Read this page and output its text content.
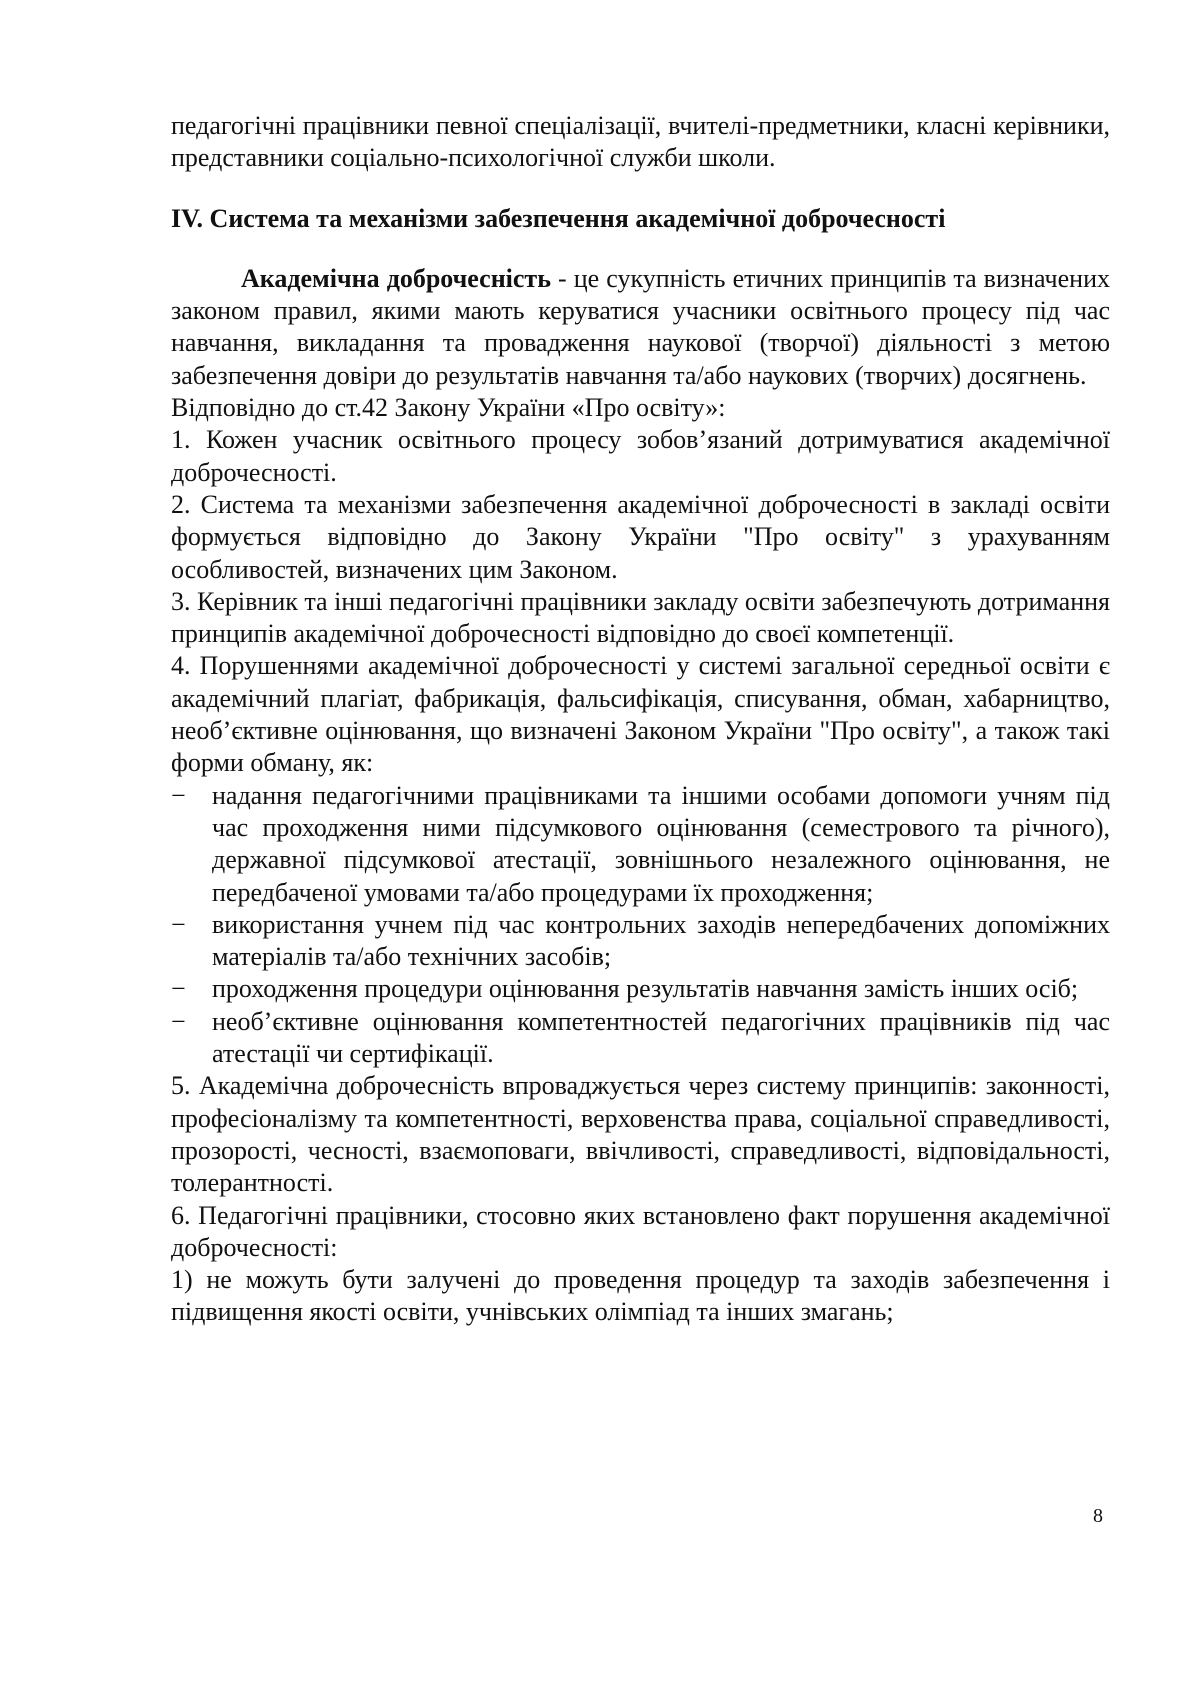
педагогічні працівники певної спеціалізації, вчителі-предметники, класні керівники, представники соціально-психологічної служби школи.

IV. Система та механізми забезпечення академічної доброчесності

Академічна доброчесність - це сукупність етичних принципів та визначених законом правил, якими мають керуватися учасники освітнього процесу під час навчання, викладання та провадження наукової (творчої) діяльності з метою забезпечення довіри до результатів навчання та/або наукових (творчих) досягнень.

Відповідно до ст.42 Закону України «Про освіту»:

1. Кожен учасник освітнього процесу зобов’язаний дотримуватися академічної доброчесності.

2. Система та механізми забезпечення академічної доброчесності в закладі освіти формується відповідно до Закону України "Про освіту" з урахуванням особливостей, визначених цим Законом.

3. Керівник та інші педагогічні працівники закладу освіти забезпечують дотримання принципів академічної доброчесності відповідно до своєї компетенції.

4. Порушеннями академічної доброчесності у системі загальної середньої освіти є академічний плагіат, фабрикація, фальсифікація, списування, обман, хабарництво, необ’єктивне оцінювання, що визначені Законом України "Про освіту", а також такі форми обману, як:

− надання педагогічними працівниками та іншими особами допомоги учням під час проходження ними підсумкового оцінювання (семестрового та річного), державної підсумкової атестації, зовнішнього незалежного оцінювання, не передбаченої умовами та/або процедурами їх проходження;
− використання учнем під час контрольних заходів непередбачених допоміжних матеріалів та/або технічних засобів;
− проходження процедури оцінювання результатів навчання замість інших осіб;
− необ’єктивне оцінювання компетентностей педагогічних працівників під час атестації чи сертифікації.

5. Академічна доброчесність впроваджується через систему принципів: законності, професіоналізму та компетентності, верховенства права, соціальної справедливості, прозорості, чесності, взаємоповаги, ввічливості, справедливості, відповідальності, толерантності.

6. Педагогічні працівники, стосовно яких встановлено факт порушення академічної доброчесності:

1) не можуть бути залучені до проведення процедур та заходів забезпечення і підвищення якості освіти, учнівських олімпіад та інших змагань;

8
